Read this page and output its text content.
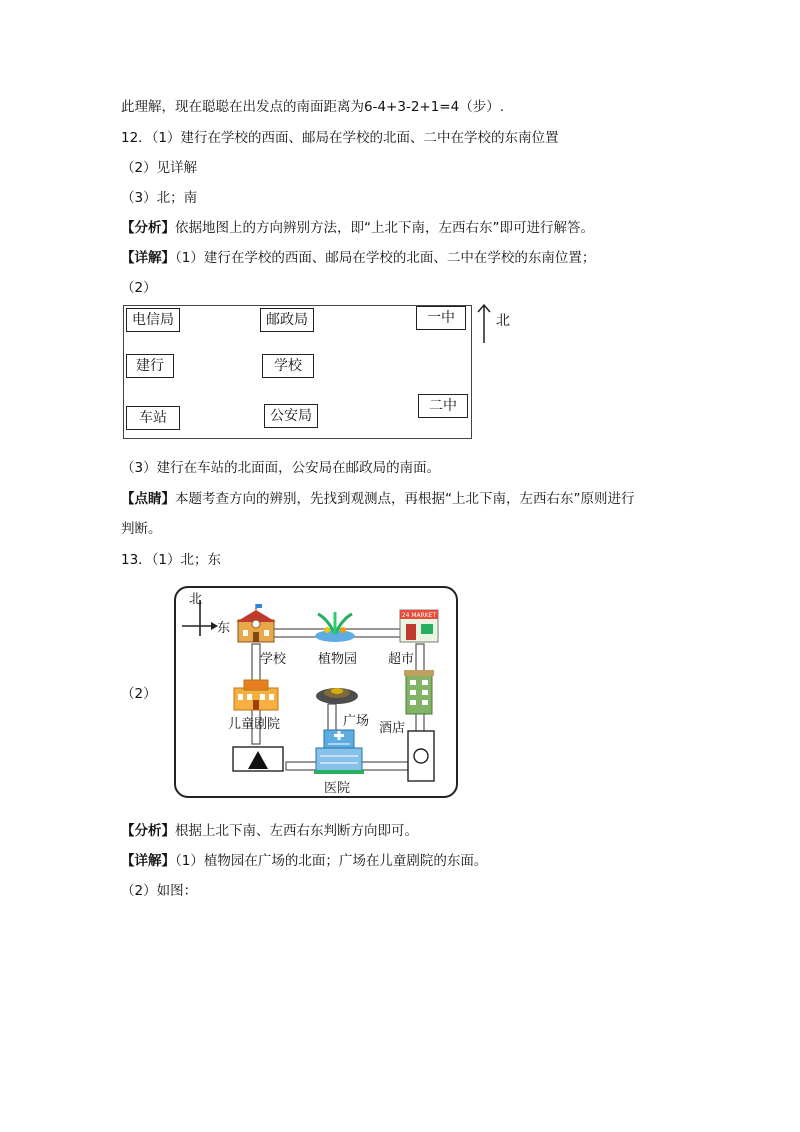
此理解，现在聪聪在出发点的南面距离为6-4+3-2+1=4（步）.
12．（1）建行在学校的西面、邮局在学校的北面、二中在学校的东南位置
（2）见详解
（3）北；南
【分析】依据地图上的方向辨别方法，即“上北下南，左西右东”即可进行解答。
【详解】（1）建行在学校的西面、邮局在学校的北面、二中在学校的东南位置；
（2）
电信局	邮政局	一中
建行	学校
车站	公安局
二中
北
（3）建行在车站的北面面，公安局在邮政局的南面。
【点睛】本题考查方向的辨别，先找到观测点，再根据“上北下南，左西右东”原则进行
判断。
13．（1）北；东
（2）
北
东
学校 植物园
24 MARKET
超市
儿童剧院	广场 酒店
医院
【分析】根据上北下南、左西右东判断方向即可。
【详解】（1）植物园在广场的北面；广场在儿童剧院的东面。
（2）如图：
